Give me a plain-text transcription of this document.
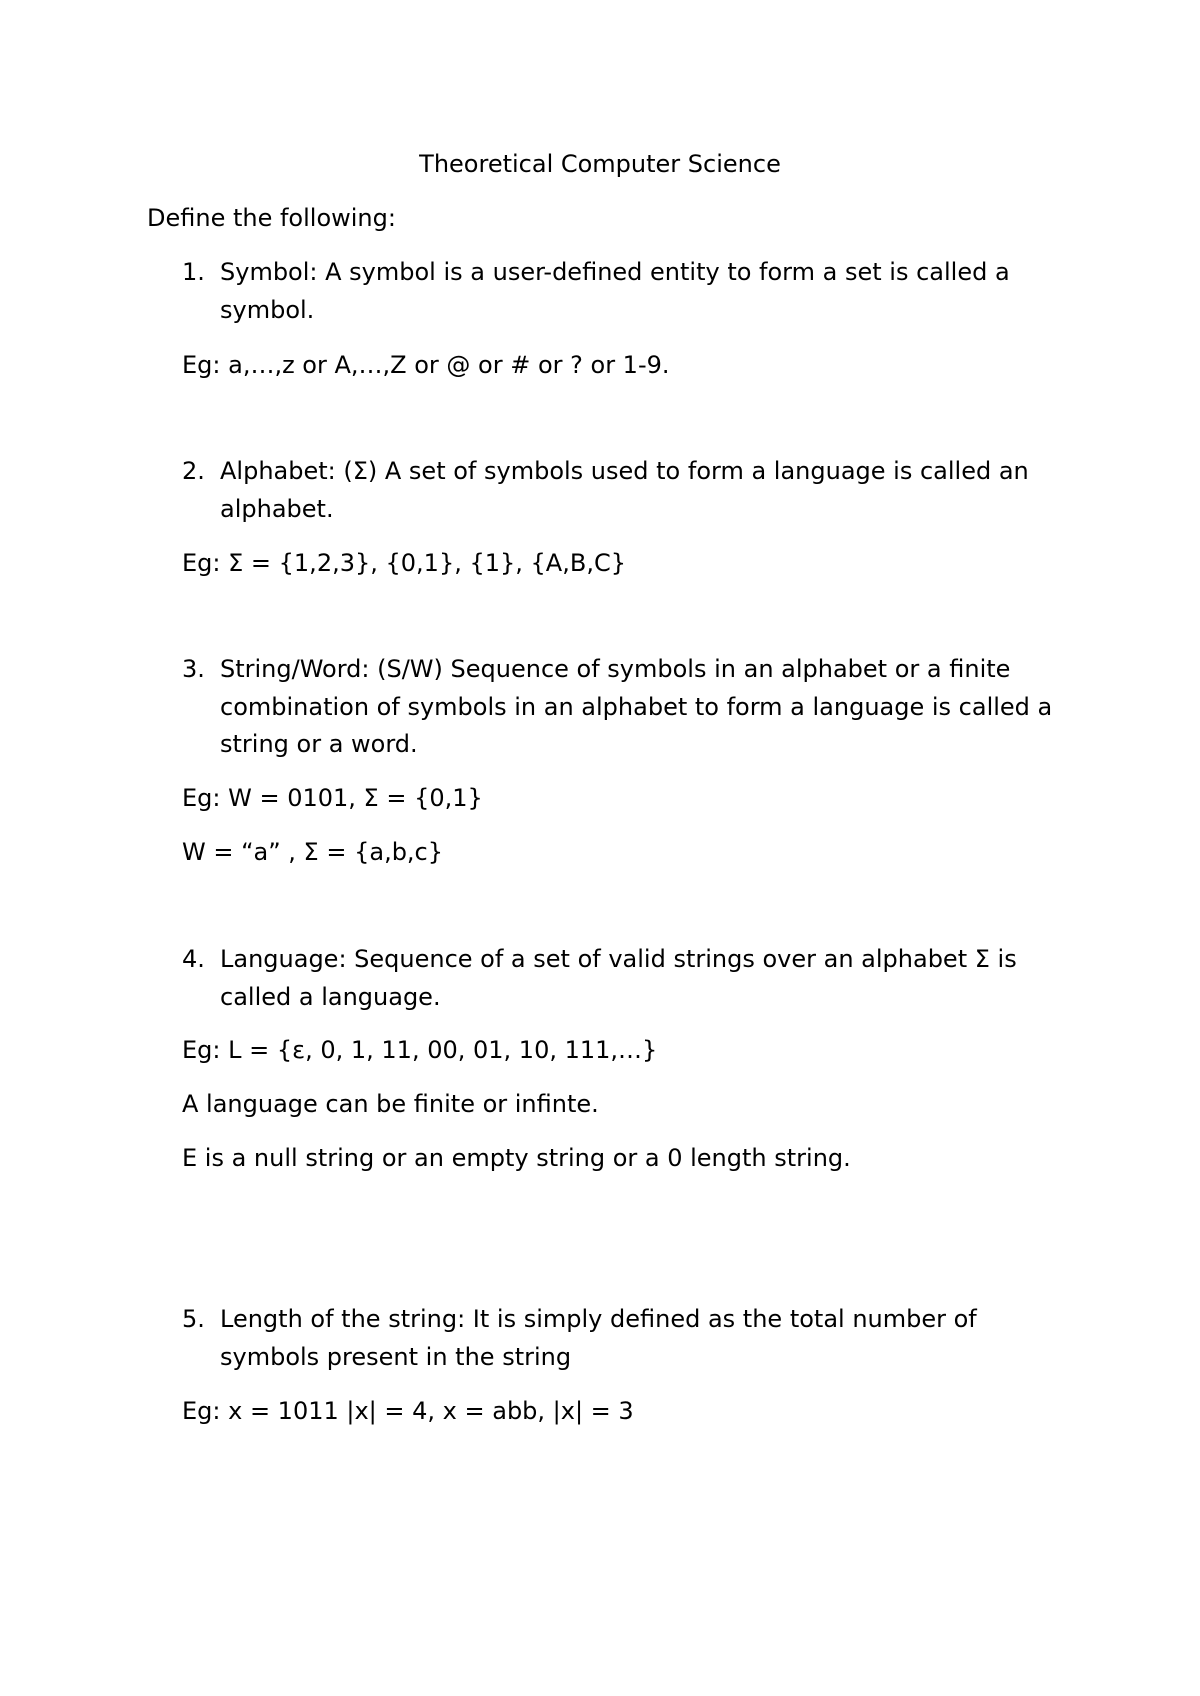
Theoretical Computer Science

Define the following:

1. Symbol: A symbol is a user-defined entity to form a set is called a

symbol.

Eg: a,…,z or A,…,Z or @ or # or ? or 1-9.

2. Alphabet: (Σ) A set of symbols used to form a language is called an

alphabet.

Eg: Σ = {1,2,3}, {0,1}, {1}, {A,B,C}

3. String/Word: (S/W) Sequence of symbols in an alphabet or a finite

combination of symbols in an alphabet to form a language is called a

string or a word.

Eg: W = 0101, Σ = {0,1}

W = “a” , Σ = {a,b,c}

4. Language: Sequence of a set of valid strings over an alphabet Σ is

called a language.

Eg: L = {ε, 0, 1, 11, 00, 01, 10, 111,…}

A language can be finite or infinte.

E is a null string or an empty string or a 0 length string.

5. Length of the string: It is simply defined as the total number of

symbols present in the string

Eg: x = 1011 |x| = 4, x = abb, |x| = 3
